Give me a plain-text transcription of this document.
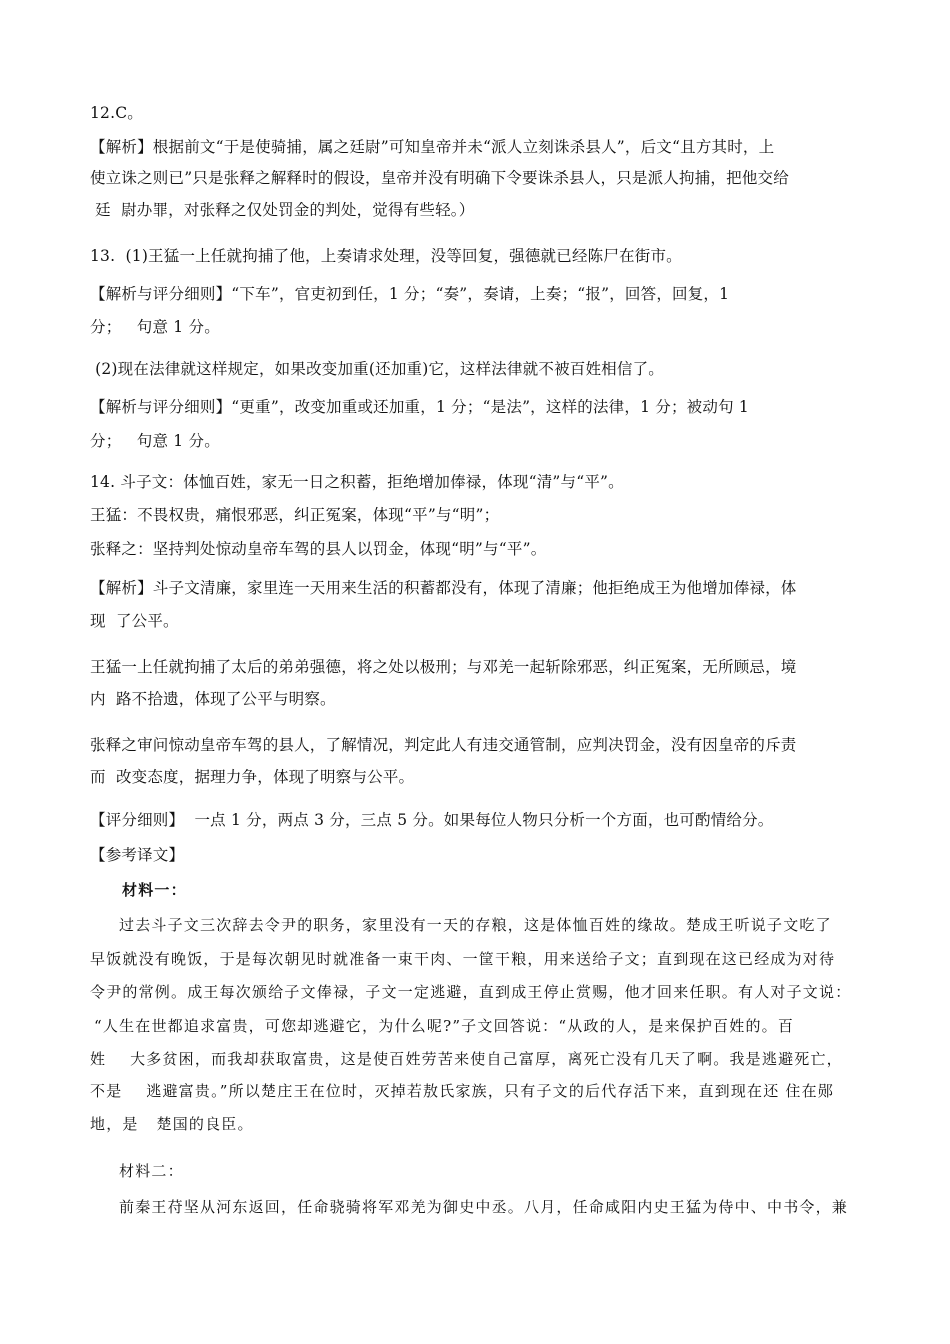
12.C。
【解析】根据前文“于是使骑捕，属之廷尉”可知皇帝并未“派人立刻诛杀县人”，后文“且方其时，上
使立诛之则已”只是张释之解释时的假设，皇帝并没有明确下令要诛杀县人，只是派人拘捕，把他交给
廷  尉办罪，对张释之仅处罚金的判处，觉得有些轻。）
13.  (1)王猛一上任就拘捕了他，上奏请求处理，没等回复，强德就已经陈尸在街市。
【解析与评分细则】“下车”，官吏初到任，1 分；“奏”，奏请，上奏；“报”，回答，回复，1
分；   句意 1 分。
(2)现在法律就这样规定，如果改变加重(还加重)它，这样法律就不被百姓相信了。
【解析与评分细则】“更重”，改变加重或还加重，1 分；“是法”，这样的法律，1 分；被动句 1
分；   句意 1 分。
14. 斗子文：体恤百姓，家无一日之积蓄，拒绝增加俸禄，体现“清”与“平”。
王猛：不畏权贵，痛恨邪恶，纠正冤案，体现“平”与“明”；
张释之：坚持判处惊动皇帝车驾的县人以罚金，体现“明”与“平”。
【解析】斗子文清廉，家里连一天用来生活的积蓄都没有，体现了清廉；他拒绝成王为他增加俸禄，体
现  了公平。
王猛一上任就拘捕了太后的弟弟强德，将之处以极刑；与邓羌一起斩除邪恶，纠正冤案，无所顾忌，境
内  路不拾遗，体现了公平与明察。
张释之审问惊动皇帝车驾的县人，了解情况，判定此人有违交通管制，应判决罚金，没有因皇帝的斥责
而  改变态度，据理力争，体现了明察与公平。
【评分细则】  一点 1 分，两点 3 分，三点 5 分。如果每位人物只分析一个方面，也可酌情给分。
【参考译文】
材料一：
过去斗子文三次辞去令尹的职务，家里没有一天的存粮，这是体恤百姓的缘故。楚成王听说子文吃了
早饭就没有晚饭，于是每次朝见时就准备一束干肉、一筐干粮，用来送给子文；直到现在这已经成为对待
令尹的常例。成王每次颁给子文俸禄，子文一定逃避，直到成王停止赏赐，他才回来任职。有人对子文说：
“人生在世都追求富贵，可您却逃避它，为什么呢?”子文回答说：“从政的人，是来保护百姓的。百
姓    大多贫困，而我却获取富贵，这是使百姓劳苦来使自己富厚，离死亡没有几天了啊。我是逃避死亡，
不是    逃避富贵。”所以楚庄王在位时，灭掉若敖氏家族，只有子文的后代存活下来，直到现在还 住在郧
地，是   楚国的良臣。
材料二：
前秦王苻坚从河东返回，任命骁骑将军邓羌为御史中丞。八月，任命咸阳内史王猛为侍中、中书令，兼
